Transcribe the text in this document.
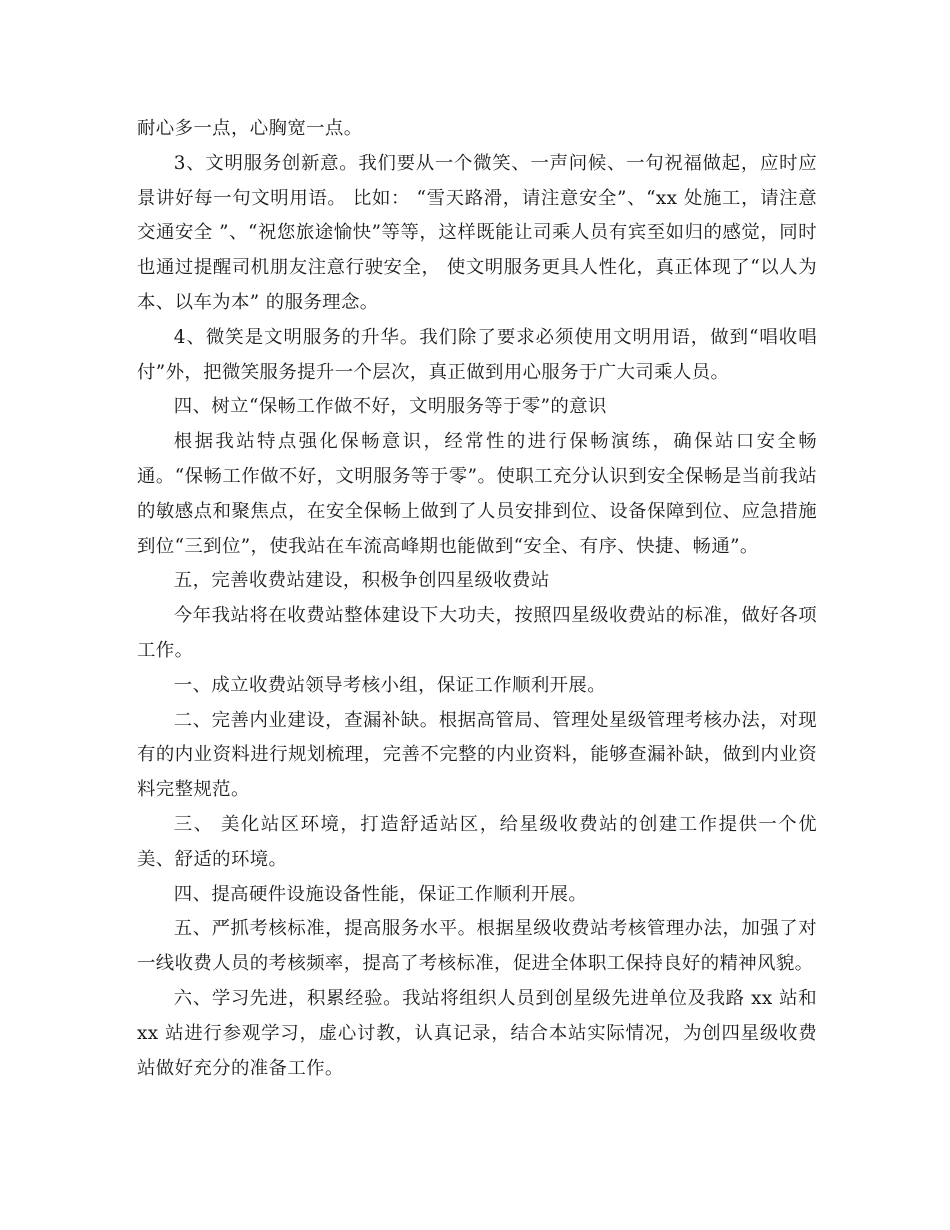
耐心多一点，心胸宽一点。

3、文明服务创新意。我们要从一个微笑、一声问候、一句祝福做起，应时应景讲好每一句文明用语。 比如： “雪天路滑，请注意安全”、“xx 处施工，请注意交通安全 ”、“祝您旅途愉快”等等，这样既能让司乘人员有宾至如归的感觉，同时也通过提醒司机朋友注意行驶安全， 使文明服务更具人性化，真正体现了“以人为本、以车为本” 的服务理念。

4、微笑是文明服务的升华。我们除了要求必须使用文明用语，做到“唱收唱付”外，把微笑服务提升一个层次，真正做到用心服务于广大司乘人员。

四、树立“保畅工作做不好，文明服务等于零”的意识

根据我站特点强化保畅意识，经常性的进行保畅演练，确保站口安全畅通。“保畅工作做不好，文明服务等于零”。使职工充分认识到安全保畅是当前我站的敏感点和聚焦点，在安全保畅上做到了人员安排到位、设备保障到位、应急措施到位“三到位”，使我站在车流高峰期也能做到“安全、有序、快捷、畅通”。

五，完善收费站建设，积极争创四星级收费站

今年我站将在收费站整体建设下大功夫，按照四星级收费站的标准，做好各项工作。

一、成立收费站领导考核小组，保证工作顺利开展。

二、完善内业建设，查漏补缺。根据高管局、管理处星级管理考核办法，对现有的内业资料进行规划梳理，完善不完整的内业资料，能够查漏补缺，做到内业资料完整规范。

三、 美化站区环境，打造舒适站区，给星级收费站的创建工作提供一个优美、舒适的环境。

四、提高硬件设施设备性能，保证工作顺利开展。

五、严抓考核标准，提高服务水平。根据星级收费站考核管理办法，加强了对一线收费人员的考核频率，提高了考核标准，促进全体职工保持良好的精神风貌。

六、学习先进，积累经验。我站将组织人员到创星级先进单位及我路 xx 站和 xx 站进行参观学习，虚心讨教，认真记录，结合本站实际情况，为创四星级收费站做好充分的准备工作。
